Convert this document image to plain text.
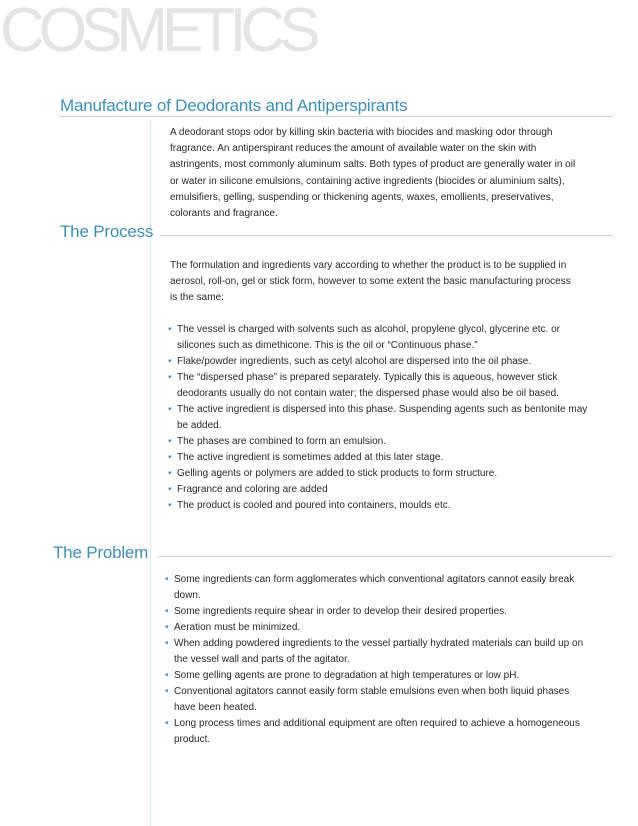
COSMETICS
Manufacture of Deodorants and Antiperspirants

A deodorant stops odor by killing skin bacteria with biocides and masking odor through fragrance. An antiperspirant reduces the amount of available water on the skin with astringents, most commonly aluminum salts. Both types of product are generally water in oil or water in silicone emulsions, containing active ingredients (biocides or aluminium salts), emulsifiers, gelling, suspending or thickening agents, waxes, emollients, preservatives, colorants and fragrance.

The Process

The formulation and ingredients vary according to whether the product is to be supplied in aerosol, roll-on, gel or stick form, however to some extent the basic manufacturing process is the same:

• The vessel is charged with solvents such as alcohol, propylene glycol, glycerine etc. or silicones such as dimethicone. This is the oil or “Continuous phase.”
• Flake/powder ingredients, such as cetyl alcohol are dispersed into the oil phase.
• The “dispersed phase” is prepared separately. Typically this is aqueous, however stick deodorants usually do not contain water; the dispersed phase would also be oil based.
• The active ingredient is dispersed into this phase. Suspending agents such as bentonite may be added.
• The phases are combined to form an emulsion.
• The active ingredient is sometimes added at this later stage.
• Gelling agents or polymers are added to stick products to form structure.
• Fragrance and coloring are added
• The product is cooled and poured into containers, moulds etc.
The Problem
• Some ingredients can form agglomerates which conventional agitators cannot easily break down.
• Some ingredients require shear in order to develop their desired properties.
• Aeration must be minimized.
• When adding powdered ingredients to the vessel partially hydrated materials can build up on the vessel wall and parts of the agitator.
• Some gelling agents are prone to degradation at high temperatures or low pH.
• Conventional agitators cannot easily form stable emulsions even when both liquid phases have been heated.
• Long process times and additional equipment are often required to achieve a homogeneous product.
